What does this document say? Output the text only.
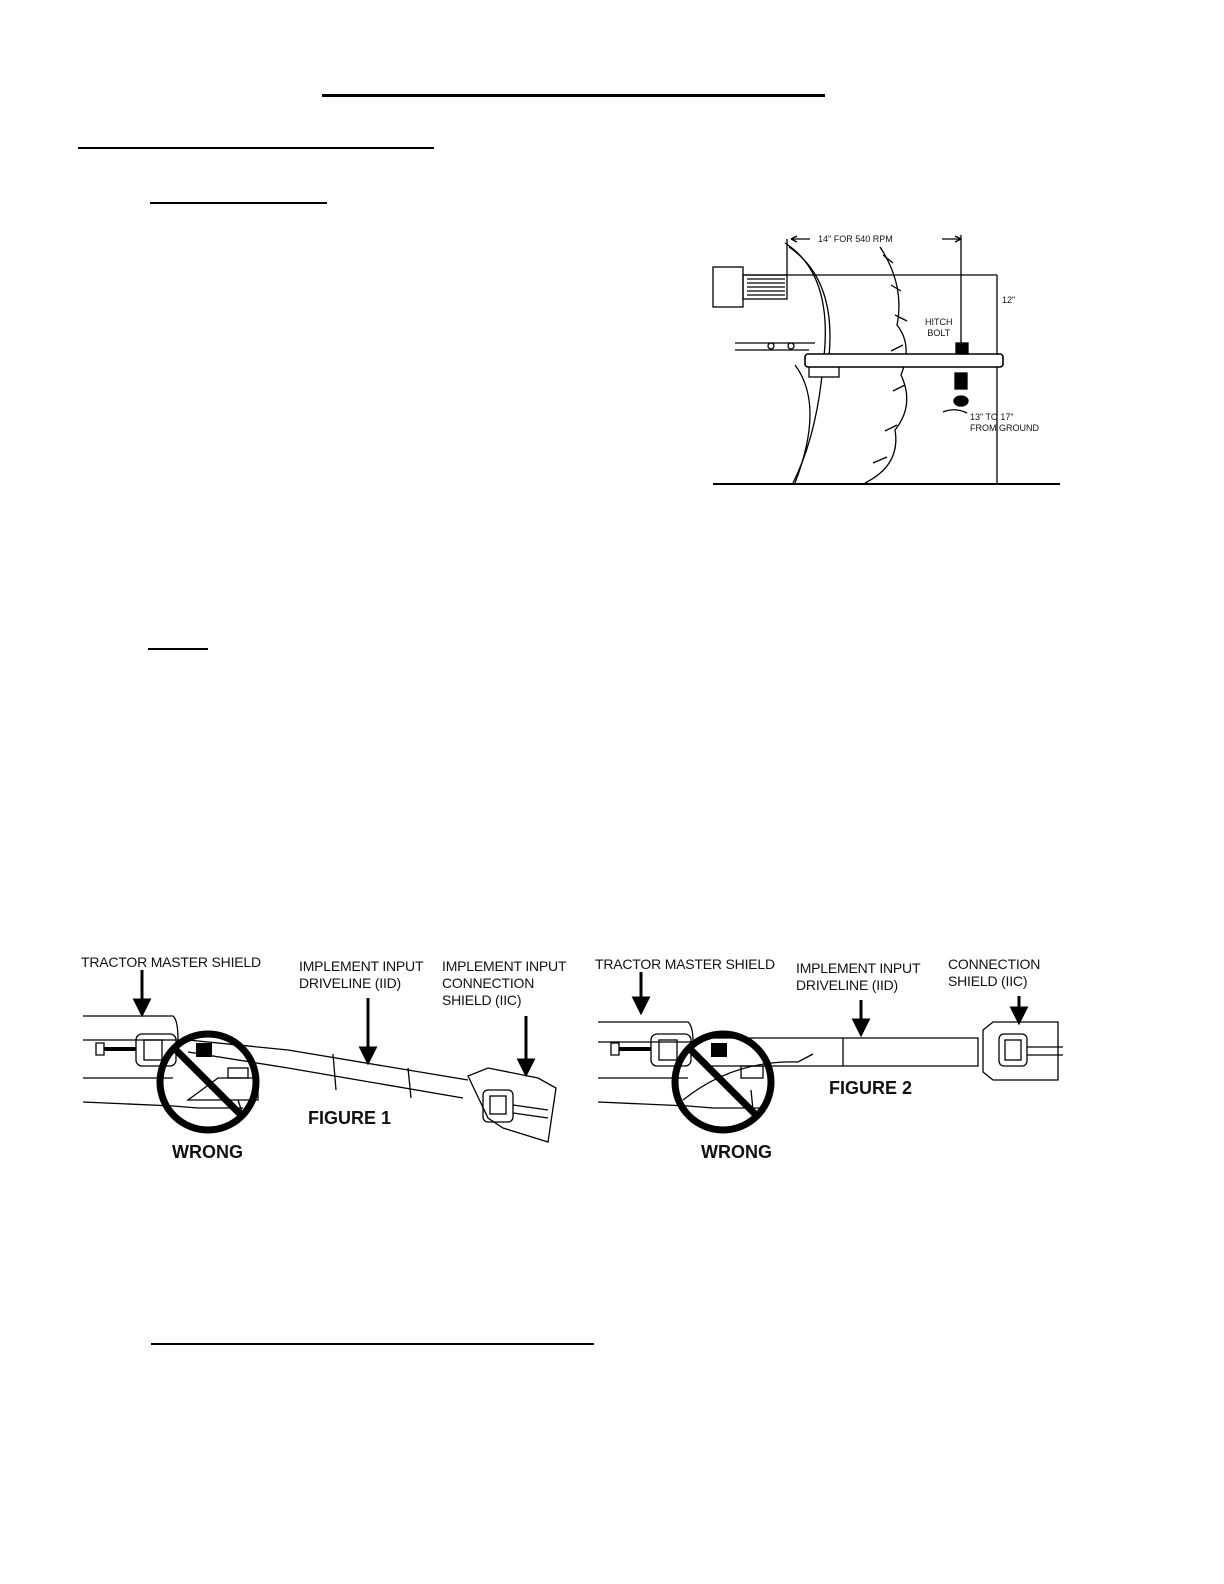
14" FOR 540 RPM
12"
HITCH
BOLT
13" TO 17"
FROM GROUND
TRACTOR MASTER SHIELD	IMPLEMENT INPUT
DRIVELINE (IID)
IMPLEMENT INPUT
CONNECTION
SHIELD (IIC)
FIGURE 1
WRONG
TRACTOR MASTER SHIELD IMPLEMENT INPUT
DRIVELINE (IID)
CONNECTION
SHIELD (IIC)
FIGURE 2
WRONG
